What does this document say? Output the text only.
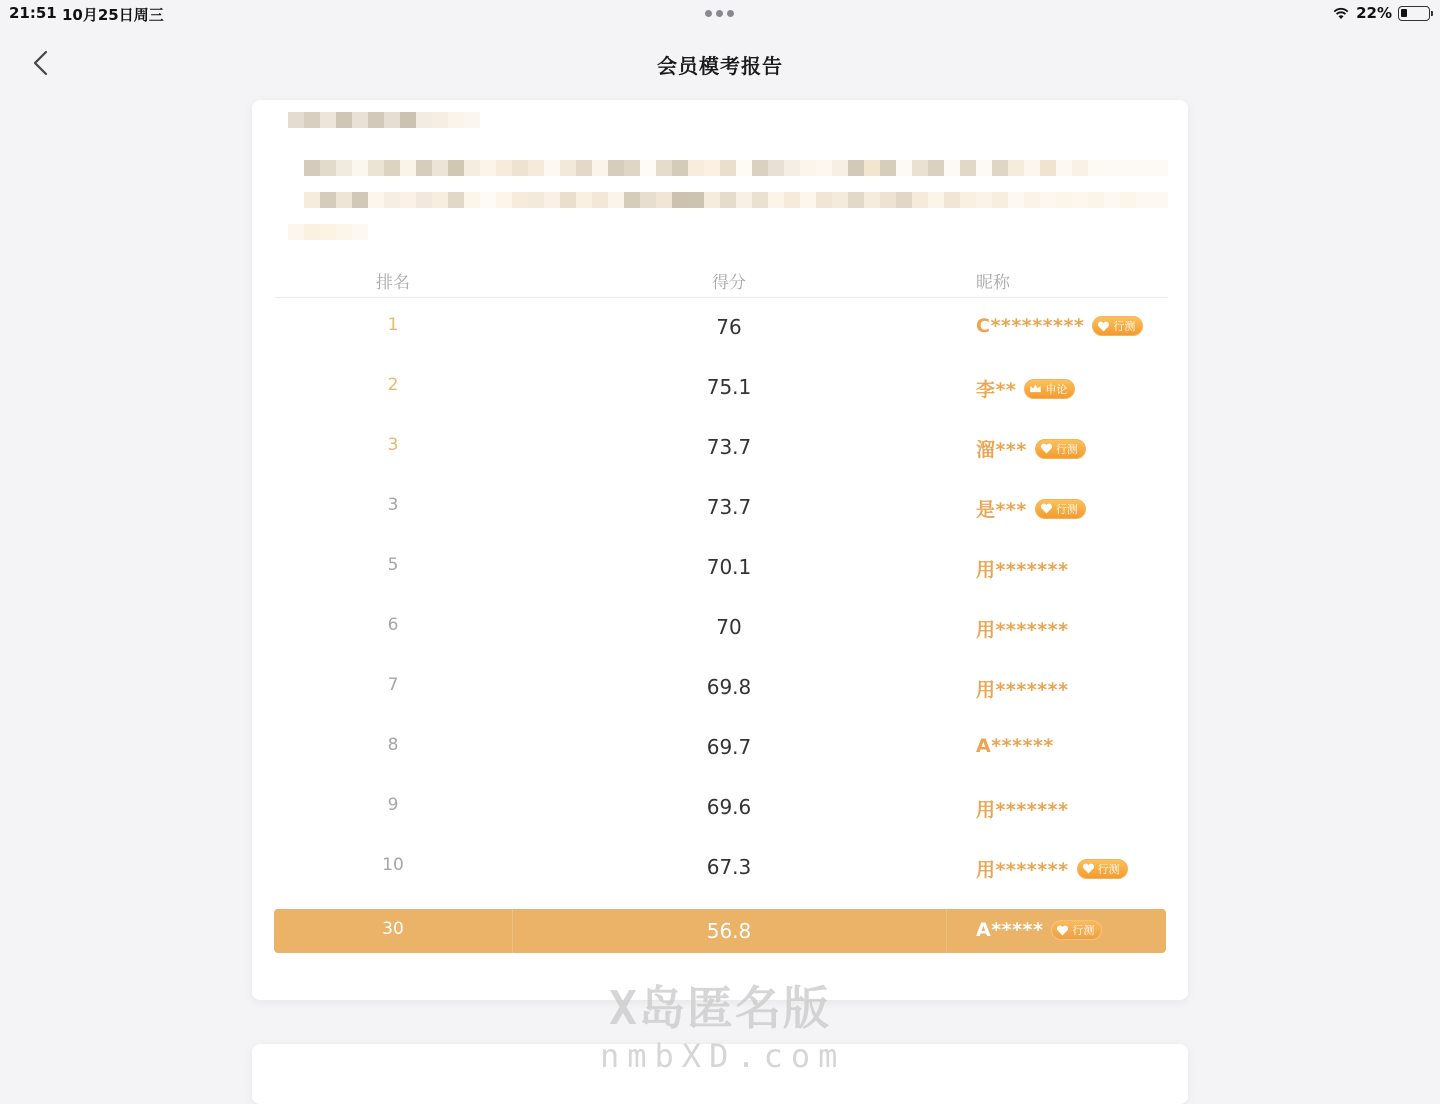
21:51 10月25日周三	22%
会员模考报告
排名	得分	昵称
1	76	C*********	行测
2	75.1	李**	申论
3	73.7	溜***	行测
3	73.7	是***	行测
5	70.1	用*******
6	70	用*******
7	69.8	用*******
8	69.7	A******
9	69.6	用*******
10	67.3	用*******	行测
30	56.8	A*****	行测
X岛匿名版
nmbXD.com
